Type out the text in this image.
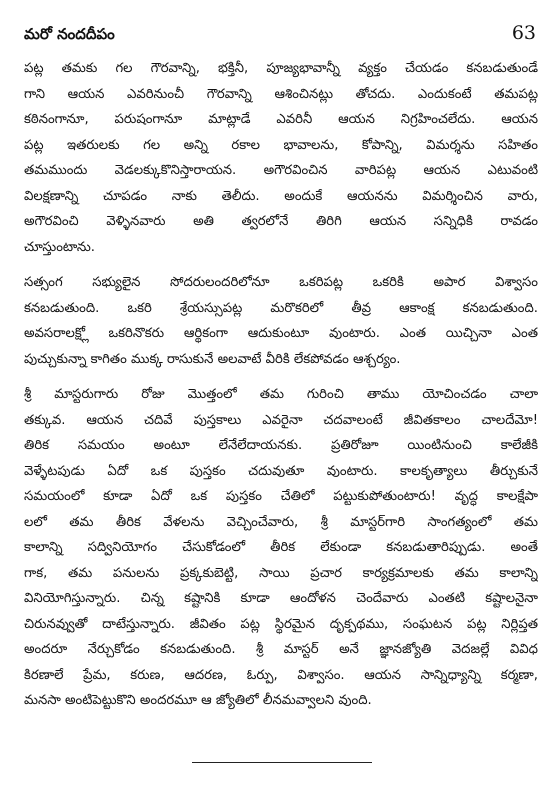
మరో నందదీపం	63
పట్ల తమకు గల గౌరవాన్ని, భక్తినీ, పూజ్యభావాన్నీ వ్యక్తం చేయడం కనబడుతుండే
గాని ఆయన ఎవరినుంచీ గౌరవాన్ని ఆశించినట్లు తోచదు. ఎందుకంటే తమపట్ల
కఠినంగానూ, పరుషంగానూ మాట్లాడే ఎవరినీ ఆయన నిగ్రహించలేదు. ఆయన
పట్ల ఇతరులకు గల అన్ని రకాల భావాలను, కోపాన్ని, విమర్శను సహితం
తమముందు వెడలక్కుకొనిస్తారాయన. అగౌరవించిన వారిపట్ల ఆయన ఎటువంటి
విలక్షణాన్ని చూపడం నాకు తెలీదు. అందుకే ఆయనను విమర్శించిన వారు,
అగౌరవించి వెళ్ళినవారు అతి త్వరలోనే తిరిగి ఆయన సన్నిధికి రావడం
చూస్తుంటాను.
సత్సంగ సభ్యులైన సోదరులందరిలోనూ ఒకరిపట్ల ఒకరికి అపార విశ్వాసం
కనబడుతుంది. ఒకరి శ్రేయస్సుపట్ల మరొకరిలో తీవ్ర ఆకాంక్ష కనబడుతుంది.
అవసరాలక్ష్లో ఒకరినొకరు ఆర్థికంగా ఆదుకుంటూ వుంటారు. ఎంత యిచ్చినా ఎంత
పుచ్చుకున్నా కాగితం ముక్క రాసుకునే అలవాటే వీరికి లేకపోవడం ఆశ్చర్యం.
శ్రీ మాస్టరుగారు రోజు మొత్తంలో తమ గురించి తాము యోచించడం చాలా
తక్కువ. ఆయన చదివే పుస్తకాలు ఎవరైనా చదవాలంటే జీవితకాలం చాలదేమో!
తిరిక సమయం అంటూ లేనేలేదాయనకు. ప్రతిరోజూ యింటినుంచి కాలేజీకి
వెళ్ళేటపుడు ఏదో ఒక పుస్తకం చదువుతూ వుంటారు. కాలకృత్యాలు తీర్చుకునే
సమయంలో కూడా ఏదో ఒక పుస్తకం చేతిలో పట్టుకుపోతుంటారు! వృద్ధ కాలక్షేపా
లలో తమ తీరిక వేళలను వెచ్చించేవారు, శ్రీ మాస్టర్‌గారి సాంగత్యంలో తమ
కాలాన్ని సద్వినియోగం చేసుకోడంలో తీరిక లేకుండా కనబడుతారిప్పుడు. అంతే
గాక, తమ పనులను ప్రక్కకుబెట్టి, సాయి ప్రచార కార్యక్రమాలకు తమ కాలాన్ని
వినియోగిస్తున్నారు. చిన్న కష్టానికి కూడా ఆందోళన చెందేవారు ఎంతటి కష్టాలనైనా
చిరునవ్వుతో దాటేస్తున్నారు. జీవితం పట్ల స్థిరమైన దృక్పథము, సంఘటన పట్ల నిర్లిప్తత
అందరూ నేర్చుకోడం కనబడుతుంది. శ్రీ మాస్టర్ అనే జ్ఞానజ్యోతి వెదజల్లే వివిధ
కిరణాలే ప్రేమ, కరుణ, ఆదరణ, ఓర్పు, విశ్వాసం. ఆయన సాన్నిధ్యాన్ని కర్మణా,
మనసా అంటిపెట్టుకొని అందరమూ ఆ జ్యోతిలో లీనమవ్వాలని వుంది.
